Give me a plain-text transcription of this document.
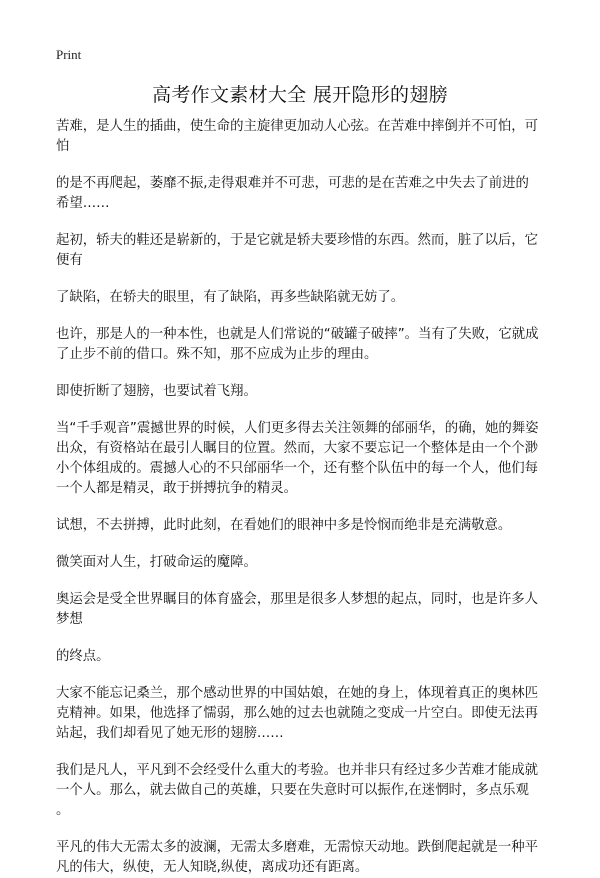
Print
高考作文素材大全 展开隐形的翅膀

苦难，是人生的插曲，使生命的主旋律更加动人心弦。在苦难中摔倒并不可怕，可
怕

的是不再爬起，萎靡不振,走得艰难并不可悲，可悲的是在苦难之中失去了前进的
希望……

起初，轿夫的鞋还是崭新的，于是它就是轿夫要珍惜的东西。然而，脏了以后，它
便有

了缺陷，在轿夫的眼里，有了缺陷，再多些缺陷就无妨了。

也许，那是人的一种本性，也就是人们常说的“破罐子破摔”。当有了失败，它就成
了止步不前的借口。殊不知，那不应成为止步的理由。

即使折断了翅膀，也要试着飞翔。

当“千手观音”震撼世界的时候，人们更多得去关注领舞的邰丽华，的确，她的舞姿
出众，有资格站在最引人瞩目的位置。然而，大家不要忘记一个整体是由一个个渺
小个体组成的。震撼人心的不只邰丽华一个，还有整个队伍中的每一个人，他们每
一个人都是精灵，敢于拼搏抗争的精灵。

试想，不去拼搏，此时此刻，在看她们的眼神中多是怜悯而绝非是充满敬意。

微笑面对人生，打破命运的魔障。

奥运会是受全世界瞩目的体育盛会，那里是很多人梦想的起点，同时，也是许多人
梦想

的终点。

大家不能忘记桑兰，那个感动世界的中国姑娘，在她的身上，体现着真正的奥林匹
克精神。如果，他选择了懦弱，那么她的过去也就随之变成一片空白。即使无法再
站起，我们却看见了她无形的翅膀……

我们是凡人，平凡到不会经受什么重大的考验。也并非只有经过多少苦难才能成就
一个人。那么，就去做自己的英雄，只要在失意时可以振作,在迷惘时，多点乐观
。

平凡的伟大无需太多的波澜，无需太多磨难，无需惊天动地。跌倒爬起就是一种平
凡的伟大，纵使，无人知晓,纵使，离成功还有距离。
